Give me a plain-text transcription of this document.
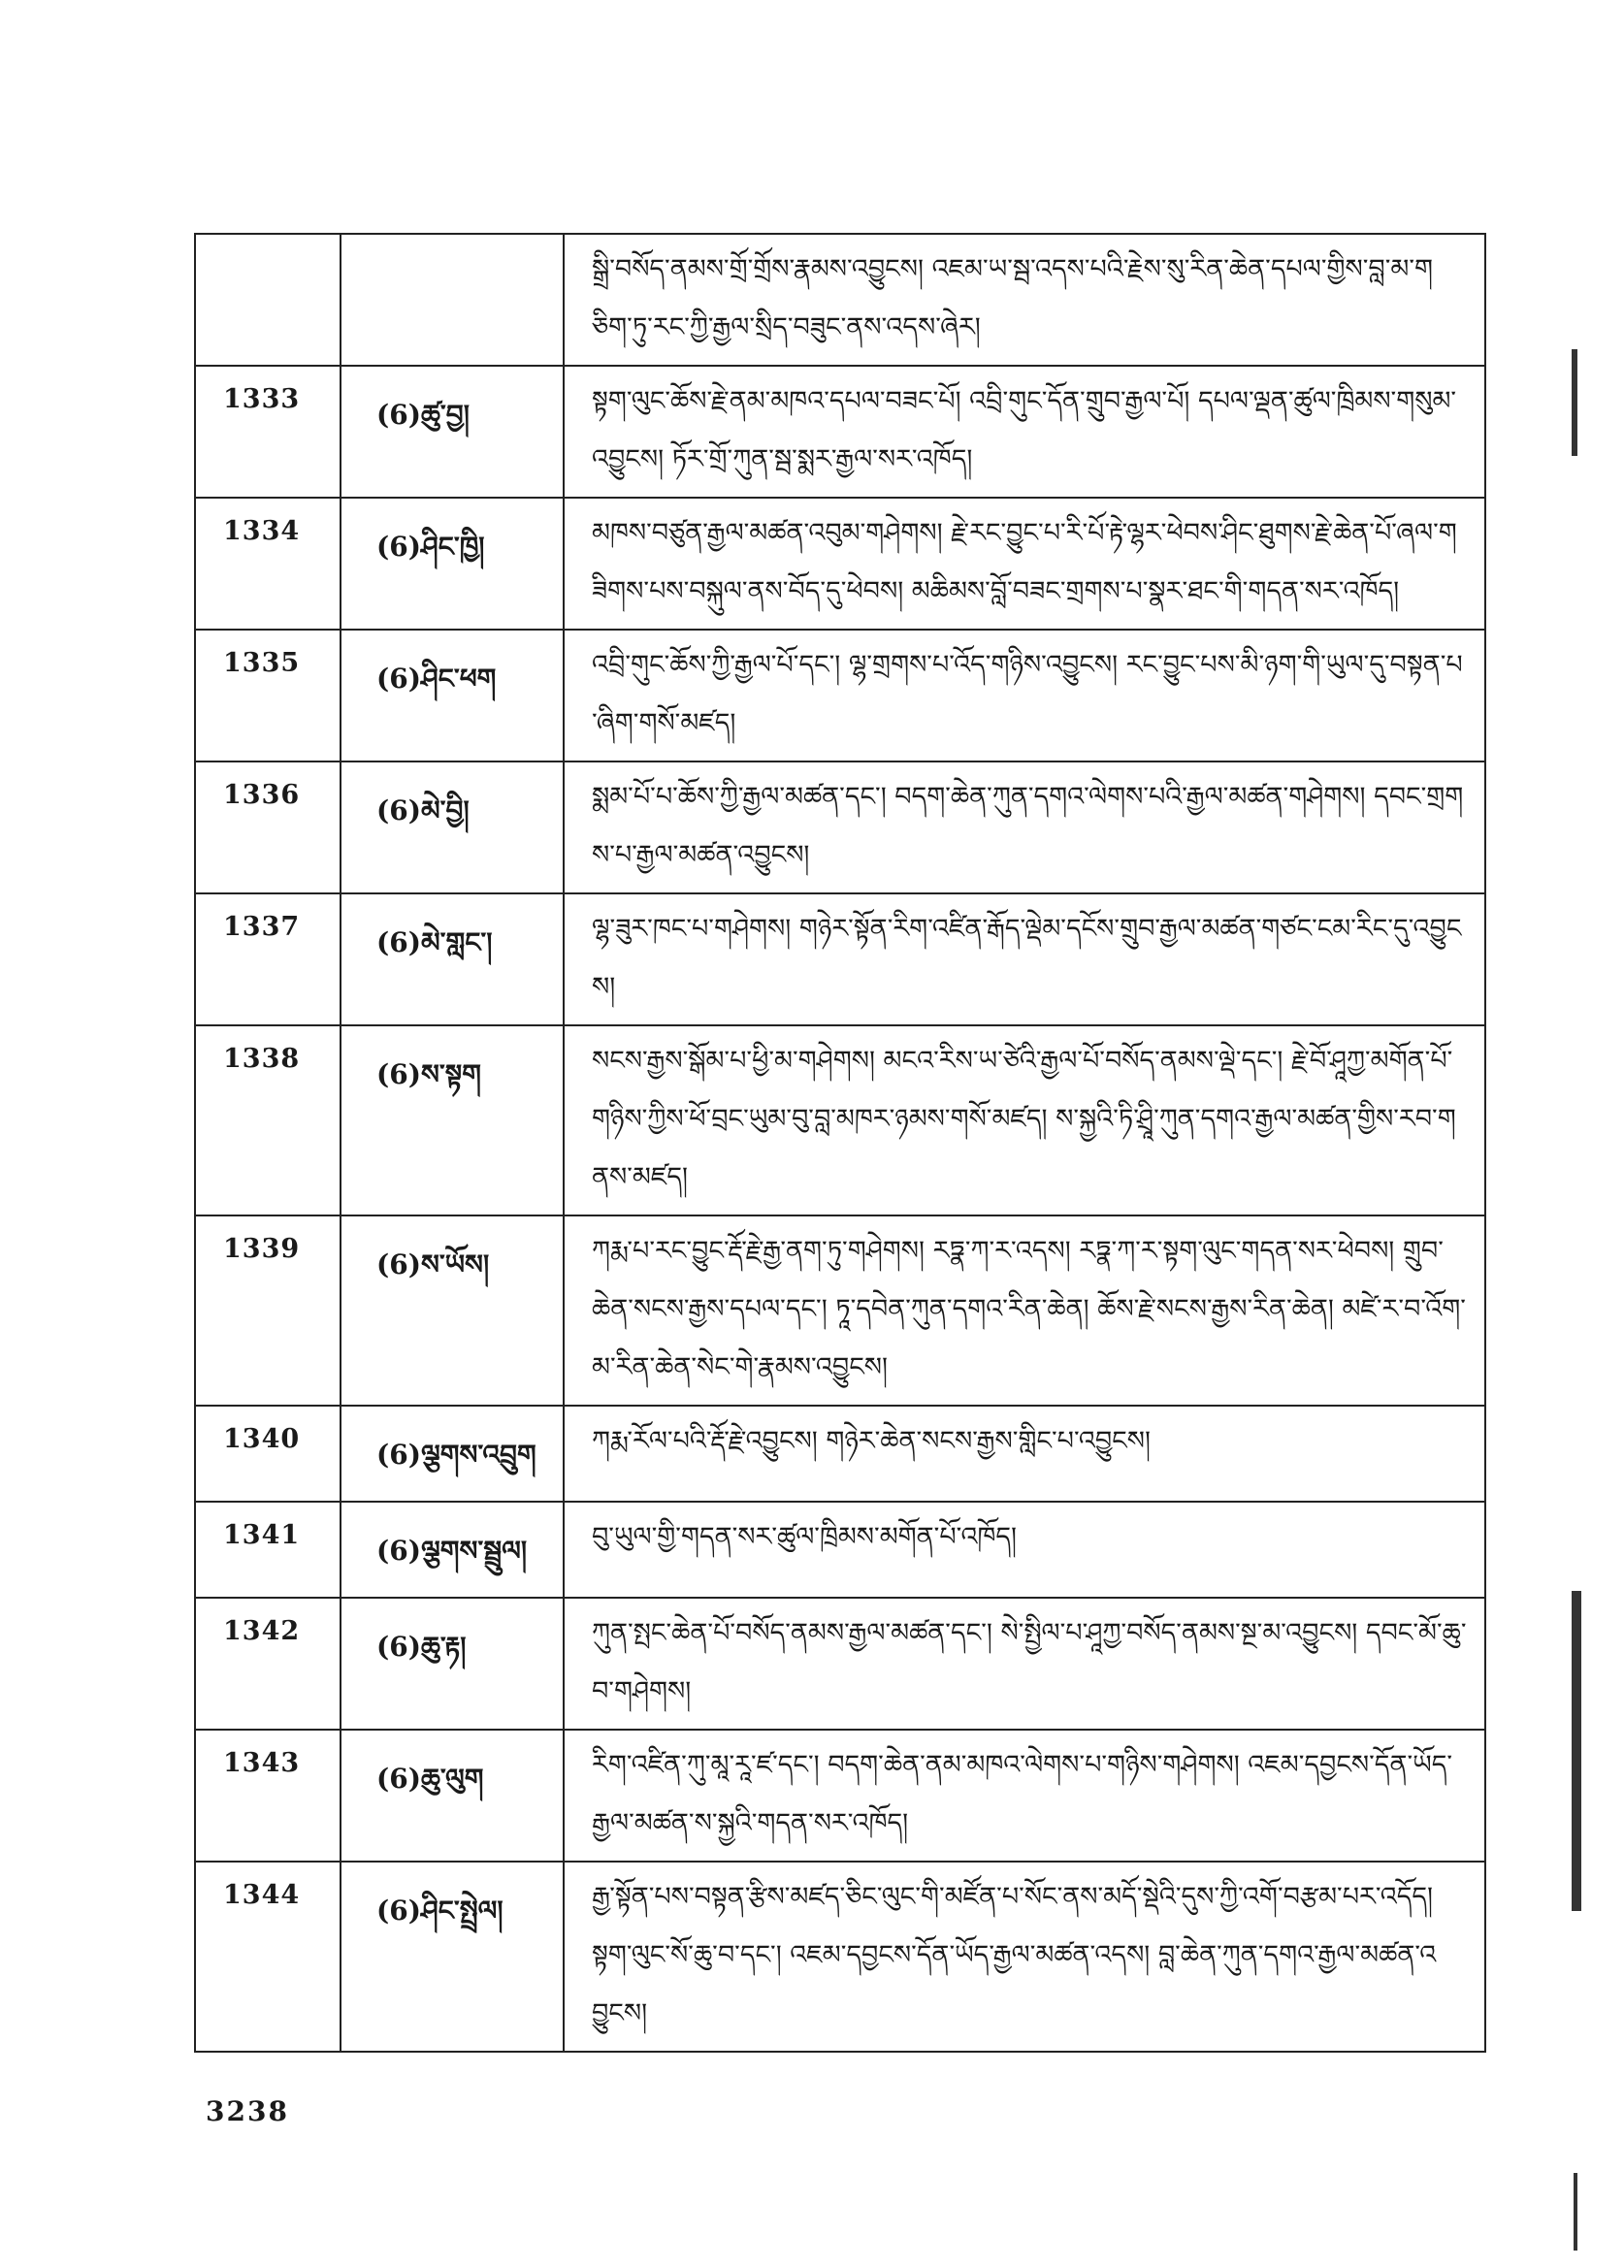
		སྒྲི་བསོད་ནམས་གྲོ་གྲོས་རྣམས་འབྱུངས། འཇམ་ཡ་སྦ་འདས་པའི་རྗེས་སུ་རིན་ཆེན་དཔལ་གྱིས་བླ་མ་གཅིག་ཏུ་རང་ཀྱི་རྒྱལ་སྲིད་བཟུང་ནས་འདས་ཞེར།
1333	(6)ཚུ་བྱ།	སྟག་ལུང་ཆོས་རྗེ་ནམ་མཁའ་དཔལ་བཟང་པོ། འབྲི་གུང་དོན་གྲུབ་རྒྱལ་པོ། དཔལ་ལྡན་ཚུལ་ཁྲིམས་གསུམ་འབྱུངས། ཏོར་གྲོ་ཀུན་སྦ་སྨར་རྒྱལ་སར་འཁོད།
1334	(6)ཤིང་ཁྱི།	མཁས་བཙུན་རྒྱལ་མཚན་འབུམ་གཤེགས། རྗེ་རང་བྱུང་པ་རི་པོ་རྟེ་ལྷར་ཕེབས་ཤིང་ཐུགས་རྗེ་ཆེན་པོ་ཞལ་གཟིགས་པས་བསྐུལ་ནས་བོད་དུ་ཕེབས། མཆིམས་བློ་བཟང་གྲགས་པ་སྣར་ཐང་གི་གདན་སར་འཁོད།
1335	(6)ཤིང་ཕག	འབྲི་གུང་ཆོས་ཀྱི་རྒྱལ་པོ་དང་། ལྷ་གྲགས་པ་འོད་གཉིས་འབྱུངས། རང་བྱུང་པས་མི་ཉག་གི་ཡུལ་དུ་བསྟན་པ་ཞིག་གསོ་མཛད།
1336	(6)མེ་བྱི།	སྨམ་པོ་པ་ཆོས་ཀྱི་རྒྱལ་མཚན་དང་། བདག་ཆེན་ཀུན་དགའ་ལེགས་པའི་རྒྱལ་མཚན་གཤེགས། དབང་གྲགས་པ་རྒྱལ་མཚན་འབྱུངས།
1337	(6)མེ་གླང་།	ལྷ་ཟུར་ཁང་པ་གཤེགས། གཉེར་སྟོན་རིག་འཛིན་རྒོད་ལྡེམ་དངོས་གྲུབ་རྒྱལ་མཚན་གཙང་ངམ་རིང་དུ་འབྱུངས།
1338	(6)ས་སྟག	སངས་རྒྱས་སྒོམ་པ་ཕྱི་མ་གཤེགས། མངའ་རིས་ཡ་ཙེའི་རྒྱལ་པོ་བསོད་ནམས་ལྡེ་དང་། རྗེ་བོ་ཤཱཀྱ་མགོན་པོ་གཉིས་ཀྱིས་ཕོ་བྲང་ཡུམ་བུ་བླ་མཁར་ཉམས་གསོ་མཛད། ས་སྐྱའི་ཏི་ཤྲཱི་ཀུན་དགའ་རྒྱལ་མཚན་གྱིས་རབ་གནས་མཛད།
1339	(6)ས་ཡོས།	ཀརྨ་པ་རང་བྱུང་རྡོ་རྗེ་རྒྱ་ནག་ཏུ་གཤེགས། རཏྣ་ཀ་ར་འདས། རཏྣ་ཀ་ར་སྟག་ལུང་གདན་སར་ཕེབས། གྲུབ་ཆེན་སངས་རྒྱས་དཔལ་དང་། ཏཱ་དབེན་ཀུན་དགའ་རིན་ཆེན། ཆོས་རྗེ་སངས་རྒྱས་རིན་ཆེན། མཛེ་ར་བ་འོག་མ་རིན་ཆེན་སེང་གེ་རྣམས་འབྱུངས།
1340	(6)ལྕགས་འབྲུག	ཀརྨ་རོལ་པའི་རྡོ་རྗེ་འབྱུངས། གཉེར་ཆེན་སངས་རྒྱས་གླིང་པ་འབྱུངས།
1341	(6)ལྕགས་སྦྲུལ།	བུ་ཡུལ་གྱི་གདན་སར་ཚུལ་ཁྲིམས་མགོན་པོ་འཁོད།
1342	(6)ཆུ་རྟ།	ཀུན་སྤང་ཆེན་པོ་བསོད་ནམས་རྒྱལ་མཚན་དང་། སེ་སྤྱིལ་པ་ཤཱཀྱ་བསོད་ནམས་སྔ་མ་འབྱུངས། དབང་མོ་ཆུ་བ་གཤེགས།
1343	(6)ཆུ་ལུག	རིག་འཛིན་ཀུ་མཱ་རཱ་ཛ་དང་། བདག་ཆེན་ནམ་མཁའ་ལེགས་པ་གཉིས་གཤེགས། འཇམ་དབྱངས་དོན་ཡོད་རྒྱལ་མཚན་ས་སྐྱའི་གདན་སར་འཁོད།
1344	(6)ཤིང་སྤྲེལ།	རྒྱ་སྟོན་པས་བསྟན་རྩིས་མཛད་ཅིང་ལུང་གི་མཛོན་པ་སོང་ནས་མདོ་སྡེའི་དུས་ཀྱི་འགོ་བརྩམ་པར་འདོད། སྟག་ལུང་སོ་ཆུ་བ་དང་། འཇམ་དབྱངས་དོན་ཡོད་རྒྱལ་མཚན་འདས། བླ་ཆེན་ཀུན་དགའ་རྒྱལ་མཚན་འབྱུངས།
3238
